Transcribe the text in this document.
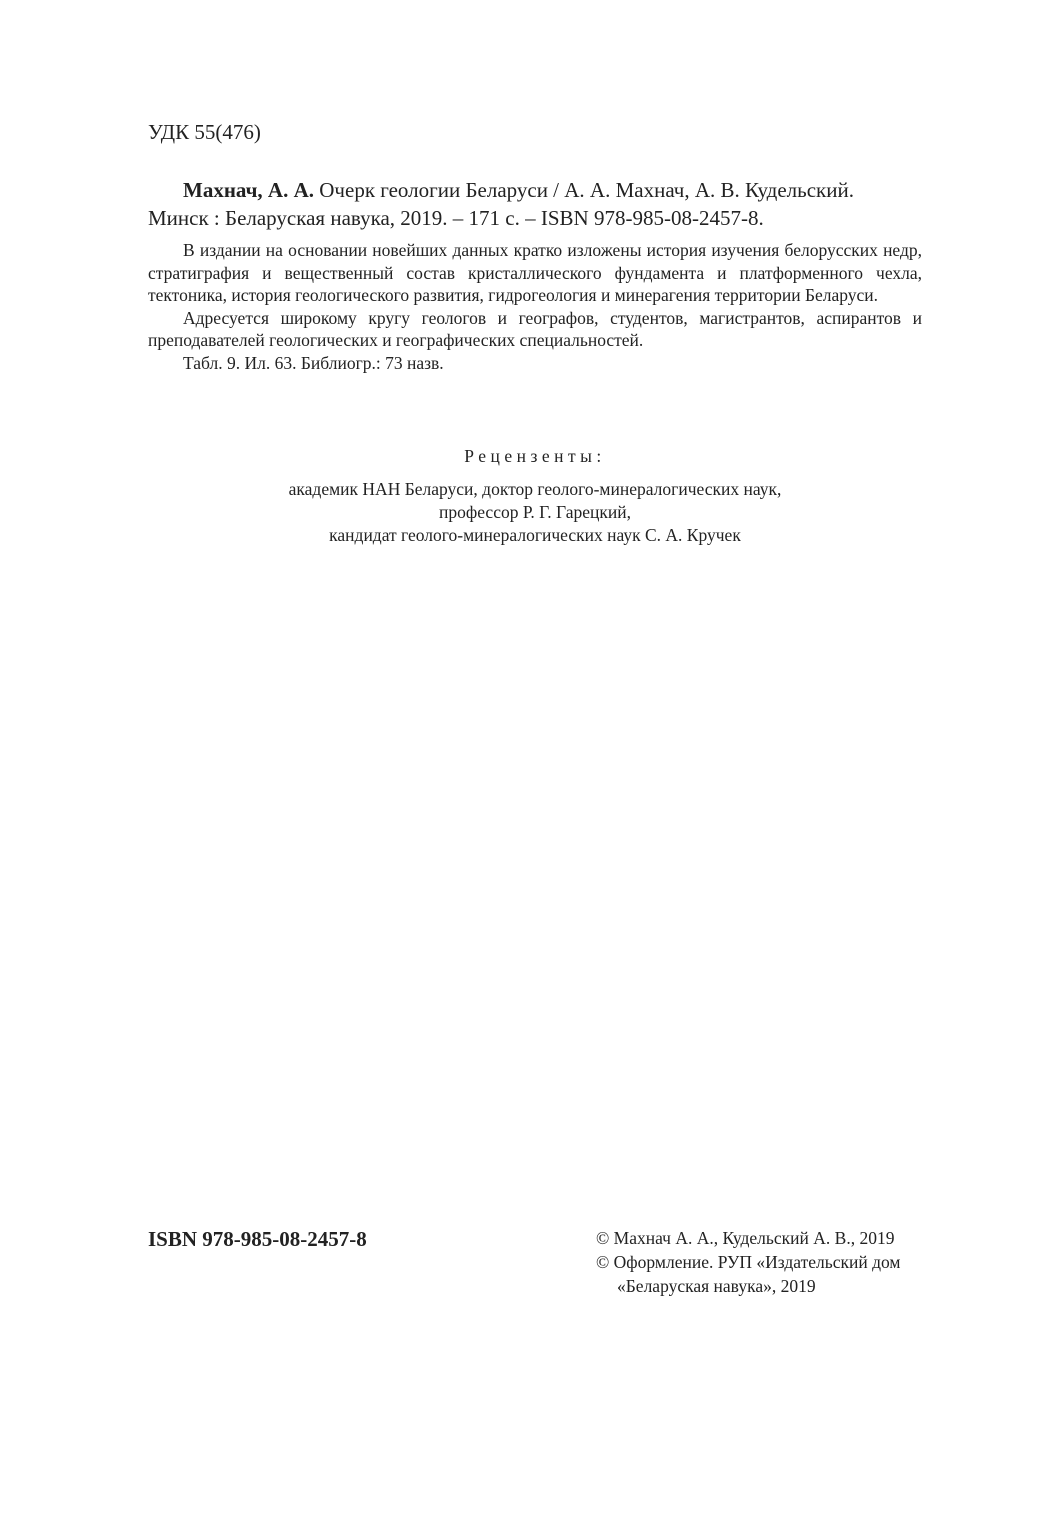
УДК 55(476)
Махнач, А. А. Очерк геологии Беларуси / А. А. Махнач, А. В. Кудельский.
Минск : Беларуская навука, 2019. – 171 с. – ISBN 978-985-08-2457-8.

В издании на основании новейших данных кратко изложены история изучения белорусских недр, стратиграфия и вещественный состав кристаллического фундамента и платформенного чехла, тектоника, история геологического развития, гидрогеология и минерагения территории Беларуси.

Адресуется широкому кругу геологов и географов, студентов, магистрантов, аспирантов и преподавателей геологических и географических специальностей.

Табл. 9. Ил. 63. Библиогр.: 73 назв.

Рецензенты:
академик НАН Беларуси, доктор геолого-минералогических наук,
профессор Р. Г. Гарецкий,
кандидат геолого-минералогических наук С. А. Кручек
ISBN 978-985-08-2457-8	© Махнач А. А., Кудельский А. В., 2019
© Оформление. РУП «Издательский дом
«Беларуская навука», 2019
